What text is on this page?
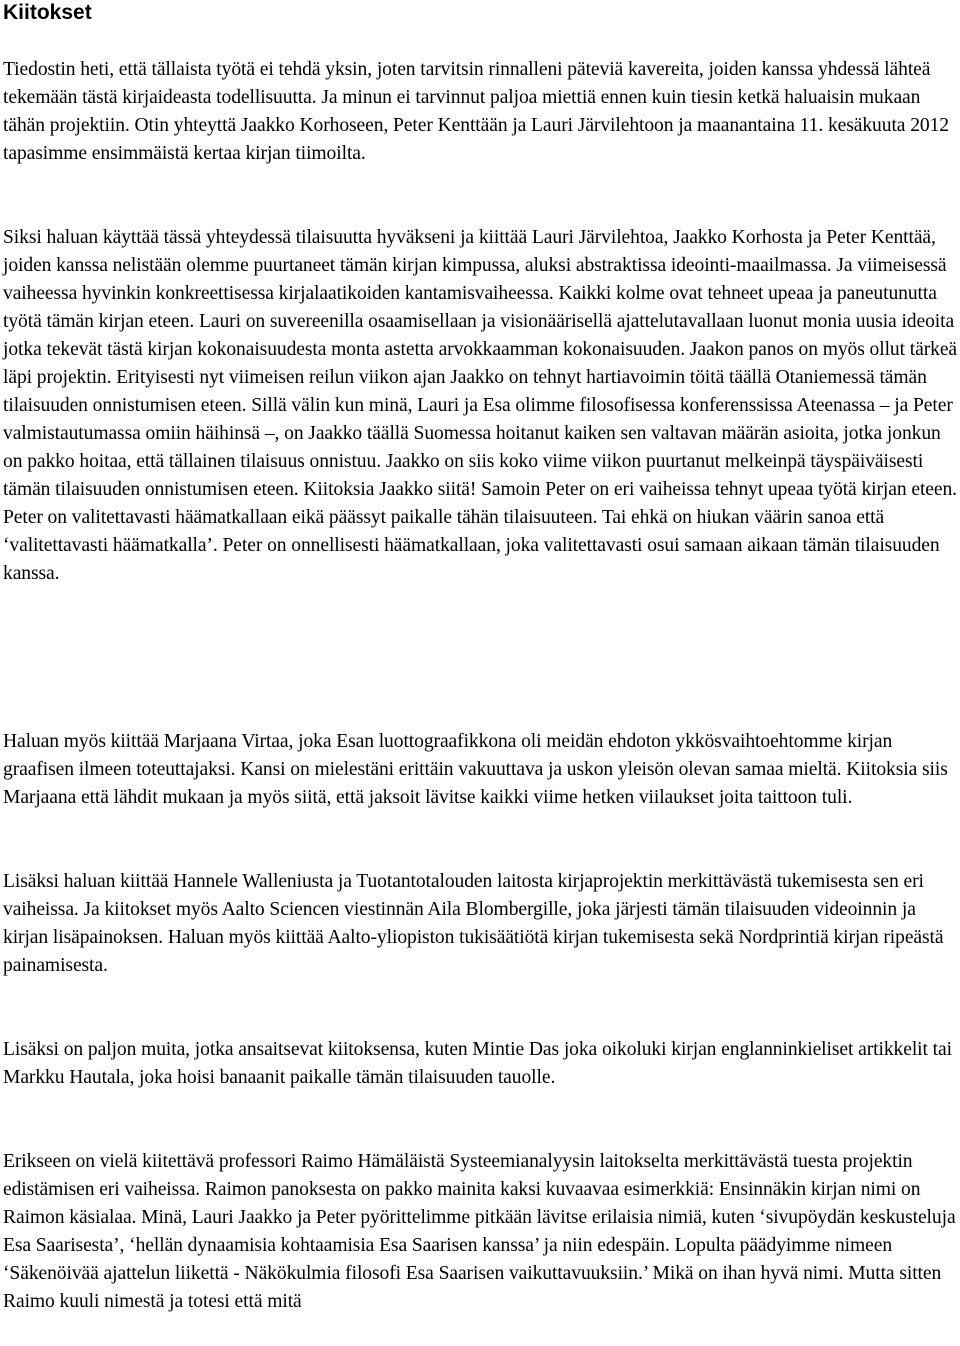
Kiitokset

Tiedostin heti, että tällaista työtä ei tehdä yksin, joten tarvitsin rinnalleni päteviä kavereita, joiden kanssa yhdessä lähteä tekemään tästä kirjaideasta todellisuutta. Ja minun ei tarvinnut paljoa miettiä ennen kuin tiesin ketkä haluaisin mukaan tähän projektiin. Otin yhteyttä Jaakko Korhoseen, Peter Kenttään ja Lauri Järvilehtoon ja maanantaina 11. kesäkuuta 2012 tapasimme ensimmäistä kertaa kirjan tiimoilta.

Siksi haluan käyttää tässä yhteydessä tilaisuutta hyväkseni ja kiittää Lauri Järvilehtoa, Jaakko Korhosta ja Peter Kenttää, joiden kanssa nelistään olemme puurtaneet tämän kirjan kimpussa, aluksi abstraktissa ideointi-maailmassa. Ja viimeisessä vaiheessa hyvinkin konkreettisessa kirjalaatikoiden kantamisvaiheessa. Kaikki kolme ovat tehneet upeaa ja paneutunutta työtä tämän kirjan eteen. Lauri on suvereenilla osaamisellaan ja visionäärisellä ajattelutavallaan luonut monia uusia ideoita jotka tekevät tästä kirjan kokonaisuudesta monta astetta arvokkaamman kokonaisuuden. Jaakon panos on myös ollut tärkeä läpi projektin. Erityisesti nyt viimeisen reilun viikon ajan Jaakko on tehnyt hartiavoimin töitä täällä Otaniemessä tämän tilaisuuden onnistumisen eteen. Sillä välin kun minä, Lauri ja Esa olimme filosofisessa konferenssissa Ateenassa – ja Peter valmistautumassa omiin häihinsä –, on Jaakko täällä Suomessa hoitanut kaiken sen valtavan määrän asioita, jotka jonkun on pakko hoitaa, että tällainen tilaisuus onnistuu. Jaakko on siis koko viime viikon puurtanut melkeinpä täyspäiväisesti tämän tilaisuuden onnistumisen eteen. Kiitoksia Jaakko siitä! Samoin Peter on eri vaiheissa tehnyt upeaa työtä kirjan eteen. Peter on valitettavasti häämatkallaan eikä päässyt paikalle tähän tilaisuuteen. Tai ehkä on hiukan väärin sanoa että ‘valitettavasti häämatkalla’. Peter on onnellisesti häämatkallaan, joka valitettavasti osui samaan aikaan tämän tilaisuuden kanssa.

Haluan myös kiittää Marjaana Virtaa, joka Esan luottograafikkona oli meidän ehdoton ykkösvaihtoehtomme kirjan graafisen ilmeen toteuttajaksi. Kansi on mielestäni erittäin vakuuttava ja uskon yleisön olevan samaa mieltä. Kiitoksia siis Marjaana että lähdit mukaan ja myös siitä, että jaksoit lävitse kaikki viime hetken viilaukset joita taittoon tuli.

Lisäksi haluan kiittää Hannele Walleniusta ja Tuotantotalouden laitosta kirjaprojektin merkittävästä tukemisesta sen eri vaiheissa. Ja kiitokset myös Aalto Sciencen viestinnän Aila Blombergille, joka järjesti tämän tilaisuuden videoinnin ja kirjan lisäpainoksen. Haluan myös kiittää Aalto-yliopiston tukisäätiötä kirjan tukemisesta sekä Nordprintiä kirjan ripeästä painamisesta.

Lisäksi on paljon muita, jotka ansaitsevat kiitoksensa, kuten Mintie Das joka oikoluki kirjan englanninkieliset artikkelit tai Markku Hautala, joka hoisi banaanit paikalle tämän tilaisuuden tauolle.

Erikseen on vielä kiitettävä professori Raimo Hämäläistä Systeemianalyysin laitokselta merkittävästä tuesta projektin edistämisen eri vaiheissa. Raimon panoksesta on pakko mainita kaksi kuvaavaa esimerkkiä: Ensinnäkin kirjan nimi on Raimon käsialaa. Minä, Lauri Jaakko ja Peter pyörittelimme pitkään lävitse erilaisia nimiä, kuten ‘sivupöydän keskusteluja Esa Saarisesta’, ‘hellän dynaamisia kohtaamisia Esa Saarisen kanssa’ ja niin edespäin. Lopulta päädyimme nimeen ‘Säkenöivää ajattelun liikettä - Näkökulmia filosofi Esa Saarisen vaikuttavuuksiin.’ Mikä on ihan hyvä nimi. Mutta sitten Raimo kuuli nimestä ja totesi että mitä
